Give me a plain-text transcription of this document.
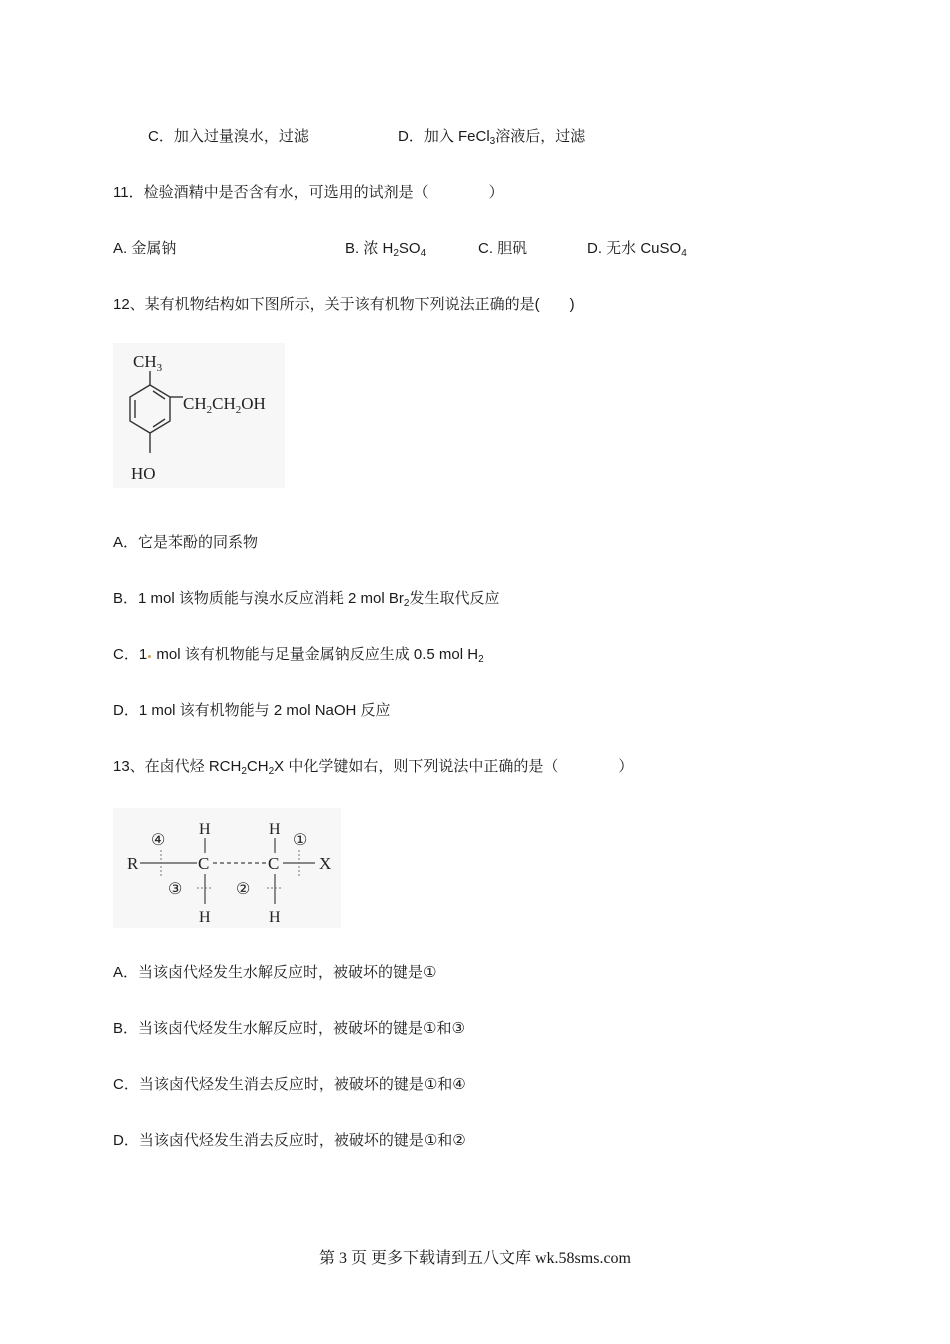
C．加入过量溴水，过滤	D．加入 FeCl$_3$溶液后，过滤
11．检验酒精中是否含有水，可选用的试剂是（　　　　）
A. 金属钠	B. 浓 $H_2SO_4$	C. 胆矾	D. 无水 CuSO$_4$
12、某有机物结构如下图所示，关于该有机物下列说法正确的是(　　)
$CH_3$
$CH_2CH_2OH$
HO
A．它是苯酚的同系物
B．1 mol 该物质能与溴水反应消耗 2 mol $Br_2$发生取代反应
C．1 mol 该有机物能与足量金属钠反应生成 0.5 mol $H_2$
D．1 mol 该有机物能与 2 mol NaOH 反应
13、在卤代烃 $RCH_2CH_2X$ 中化学键如右，则下列说法中正确的是（　　　　）
R	X
C	C
H	H
H	H
①
②
③
④
A．当该卤代烃发生水解反应时，被破坏的键是①
B．当该卤代烃发生水解反应时，被破坏的键是①和③
C．当该卤代烃发生消去反应时，被破坏的键是①和④
D．当该卤代烃发生消去反应时，被破坏的键是①和②
第 3 页 更多下载请到五八文库 wk.58sms.com
